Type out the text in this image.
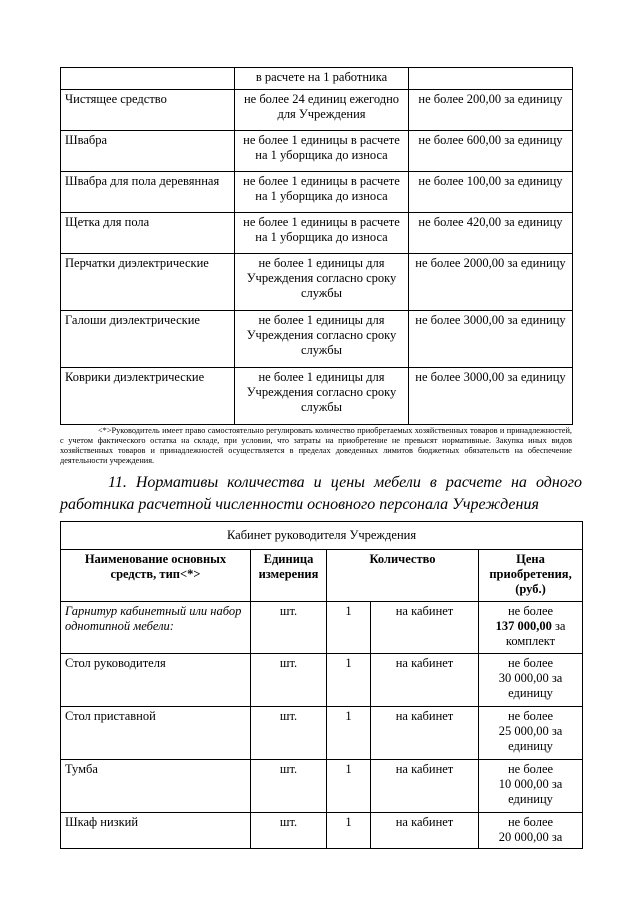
	в расчете на 1 работника	
Чистящее средство	не более 24 единиц ежегодно для Учреждения	не более 200,00 за единицу
Швабра	не более 1 единицы в расчете на 1 уборщика до износа	не более 600,00 за единицу
Швабра для пола деревянная	не более 1 единицы в расчете на 1 уборщика до износа	не более 100,00 за единицу
Щетка для пола	не более 1 единицы в расчете на 1 уборщика до износа	не более 420,00 за единицу
Перчатки диэлектрические	не более 1 единицы для Учреждения согласно сроку службы	не более 2000,00 за единицу
Галоши диэлектрические	не более 1 единицы для Учреждения согласно сроку службы	не более 3000,00 за единицу
Коврики диэлектрические	не более 1 единицы для Учреждения согласно сроку службы	не более 3000,00 за единицу
<*>Руководитель имеет право самостоятельно регулировать количество приобретаемых хозяйственных товаров и принадлежностей, с учетом фактического остатка на складе, при условии, что затраты на приобретение не превысят нормативные. Закупка иных видов хозяйственных товаров и принадлежностей осуществляется в пределах доведенных лимитов бюджетных обязательств на обеспечение деятельности учреждения.
11. Нормативы количества и цены мебели в расчете на одного работника расчетной численности основного персонала Учреждения
Кабинет руководителя Учреждения				
Наименование основных средств, тип<*>	Единица измерения	Количество		Цена приобретения, (руб.)
Гарнитур кабинетный или набор однотипной мебели:	шт.	1	на кабинет	не более
137 000,00 за комплект
Стол руководителя	шт.	1	на кабинет	не более
30 000,00 за
единицу
Стол приставной	шт.	1	на кабинет	не более
25 000,00 за
единицу
Тумба	шт.	1	на кабинет	не более
10 000,00 за
единицу
Шкаф низкий	шт.	1	на кабинет	не более
20 000,00 за
